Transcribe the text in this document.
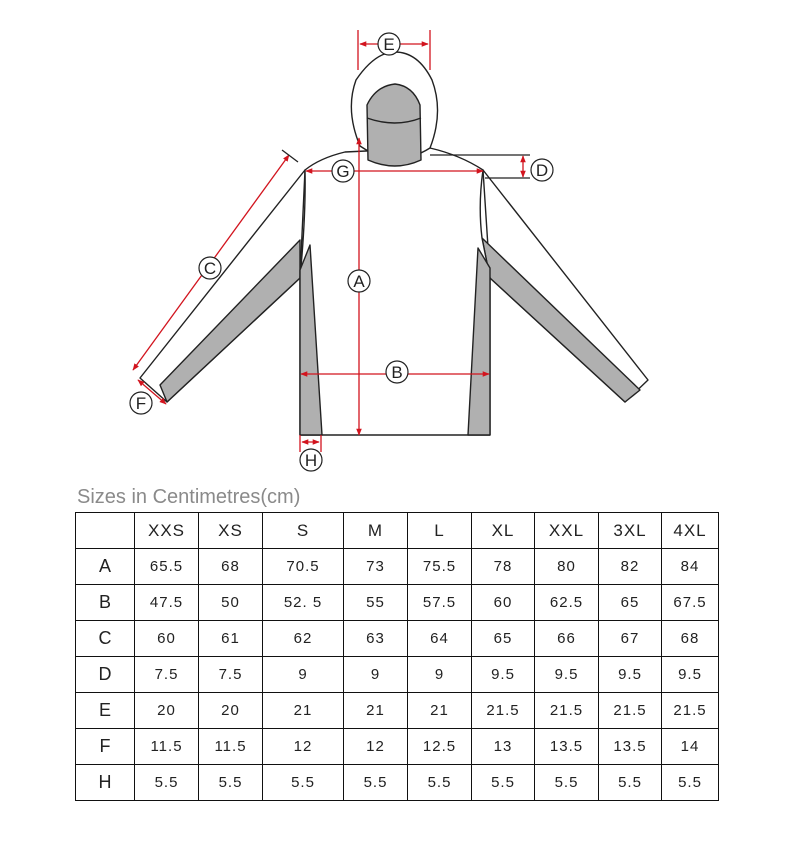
E
G	D
A
B
C
F
H
Sizes in Centimetres(cm)
	XXS	XS	S	M	L	XL	XXL	3XL	4XL
A	65.5	68	70.5	73	75.5	78	80	82	84
B	47.5	50	52. 5	55	57.5	60	62.5	65	67.5
C	60	61	62	63	64	65	66	67	68
D	7.5	7.5	9	9	9	9.5	9.5	9.5	9.5
E	20	20	21	21	21	21.5	21.5	21.5	21.5
F	11.5	11.5	12	12	12.5	13	13.5	13.5	14
H	5.5	5.5	5.5	5.5	5.5	5.5	5.5	5.5	5.5
